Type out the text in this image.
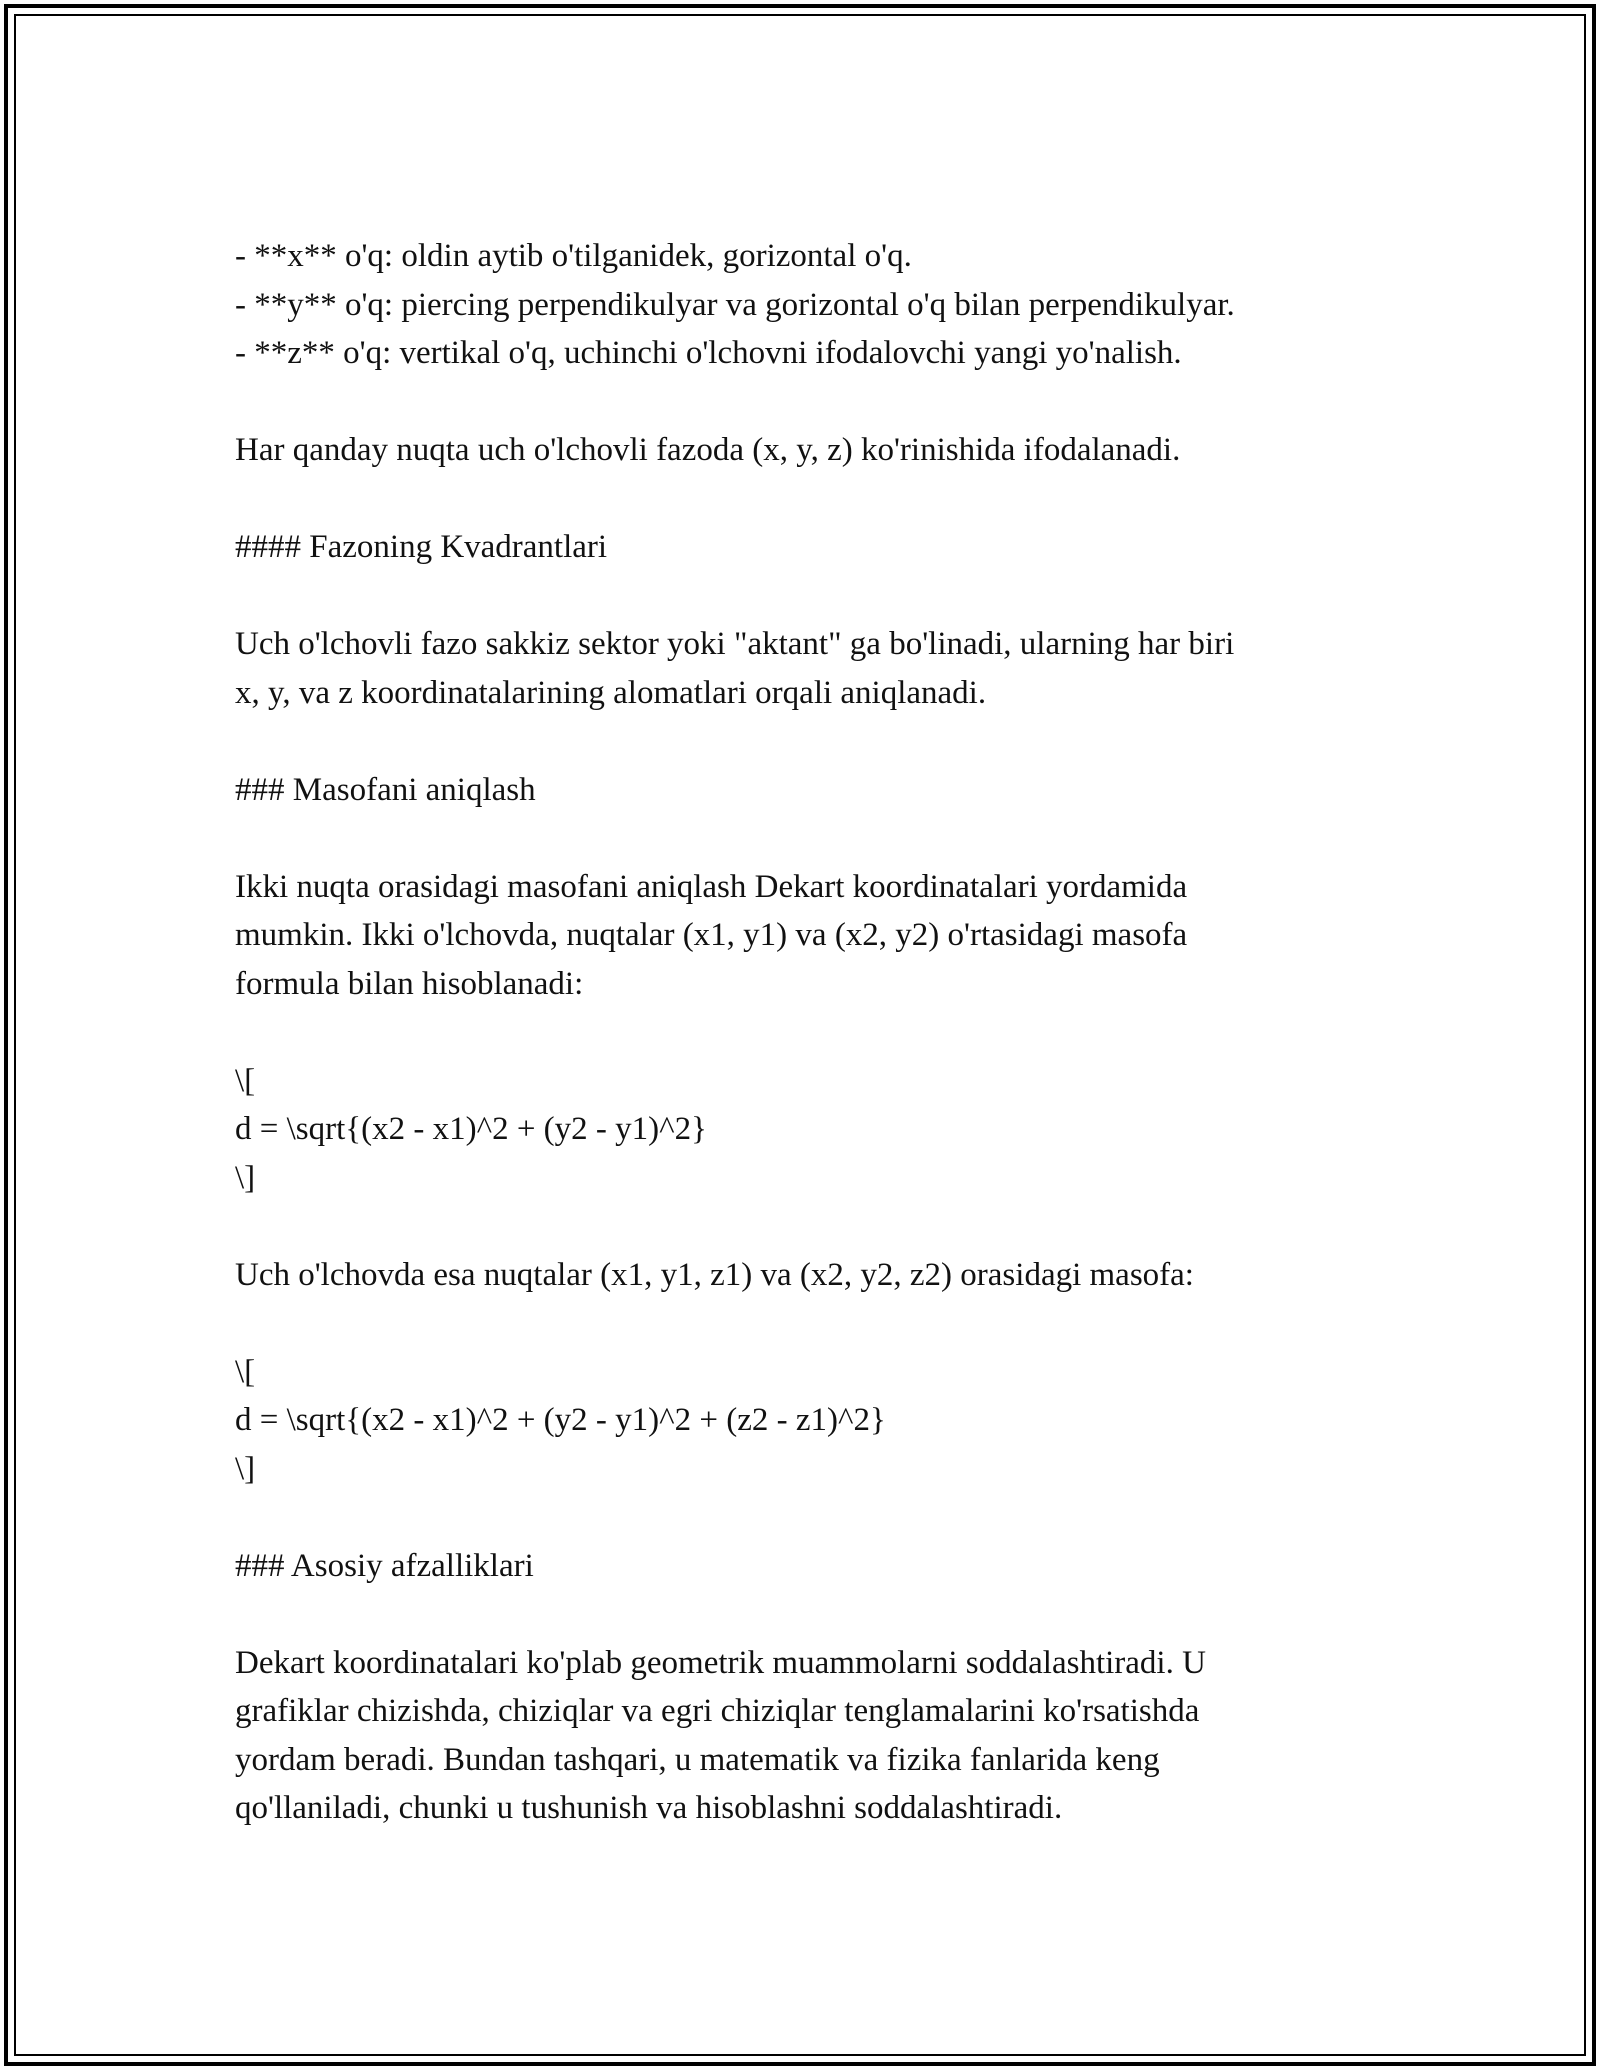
- **x** o'q: oldin aytib o'tilganidek, gorizontal o'q.
- **y** o'q: piercing perpendikulyar va gorizontal o'q bilan perpendikulyar.
- **z** o'q: vertikal o'q, uchinchi o'lchovni ifodalovchi yangi yo'nalish.
Har qanday nuqta uch o'lchovli fazoda (x, y, z) ko'rinishida ifodalanadi.
#### Fazoning Kvadrantlari
Uch o'lchovli fazo sakkiz sektor yoki "aktant" ga bo'linadi, ularning har biri
x, y, va z koordinatalarining alomatlari orqali aniqlanadi.
### Masofani aniqlash
Ikki nuqta orasidagi masofani aniqlash Dekart koordinatalari yordamida
mumkin. Ikki o'lchovda, nuqtalar (x1, y1) va (x2, y2) o'rtasidagi masofa
formula bilan hisoblanadi:
\[
d = \sqrt{(x2 - x1)^2 + (y2 - y1)^2}
\]
Uch o'lchovda esa nuqtalar (x1, y1, z1) va (x2, y2, z2) orasidagi masofa:
\[
d = \sqrt{(x2 - x1)^2 + (y2 - y1)^2 + (z2 - z1)^2}
\]
### Asosiy afzalliklari
Dekart koordinatalari ko'plab geometrik muammolarni soddalashtiradi. U
grafiklar chizishda, chiziqlar va egri chiziqlar tenglamalarini ko'rsatishda
yordam beradi. Bundan tashqari, u matematik va fizika fanlarida keng
qo'llaniladi, chunki u tushunish va hisoblashni soddalashtiradi.
